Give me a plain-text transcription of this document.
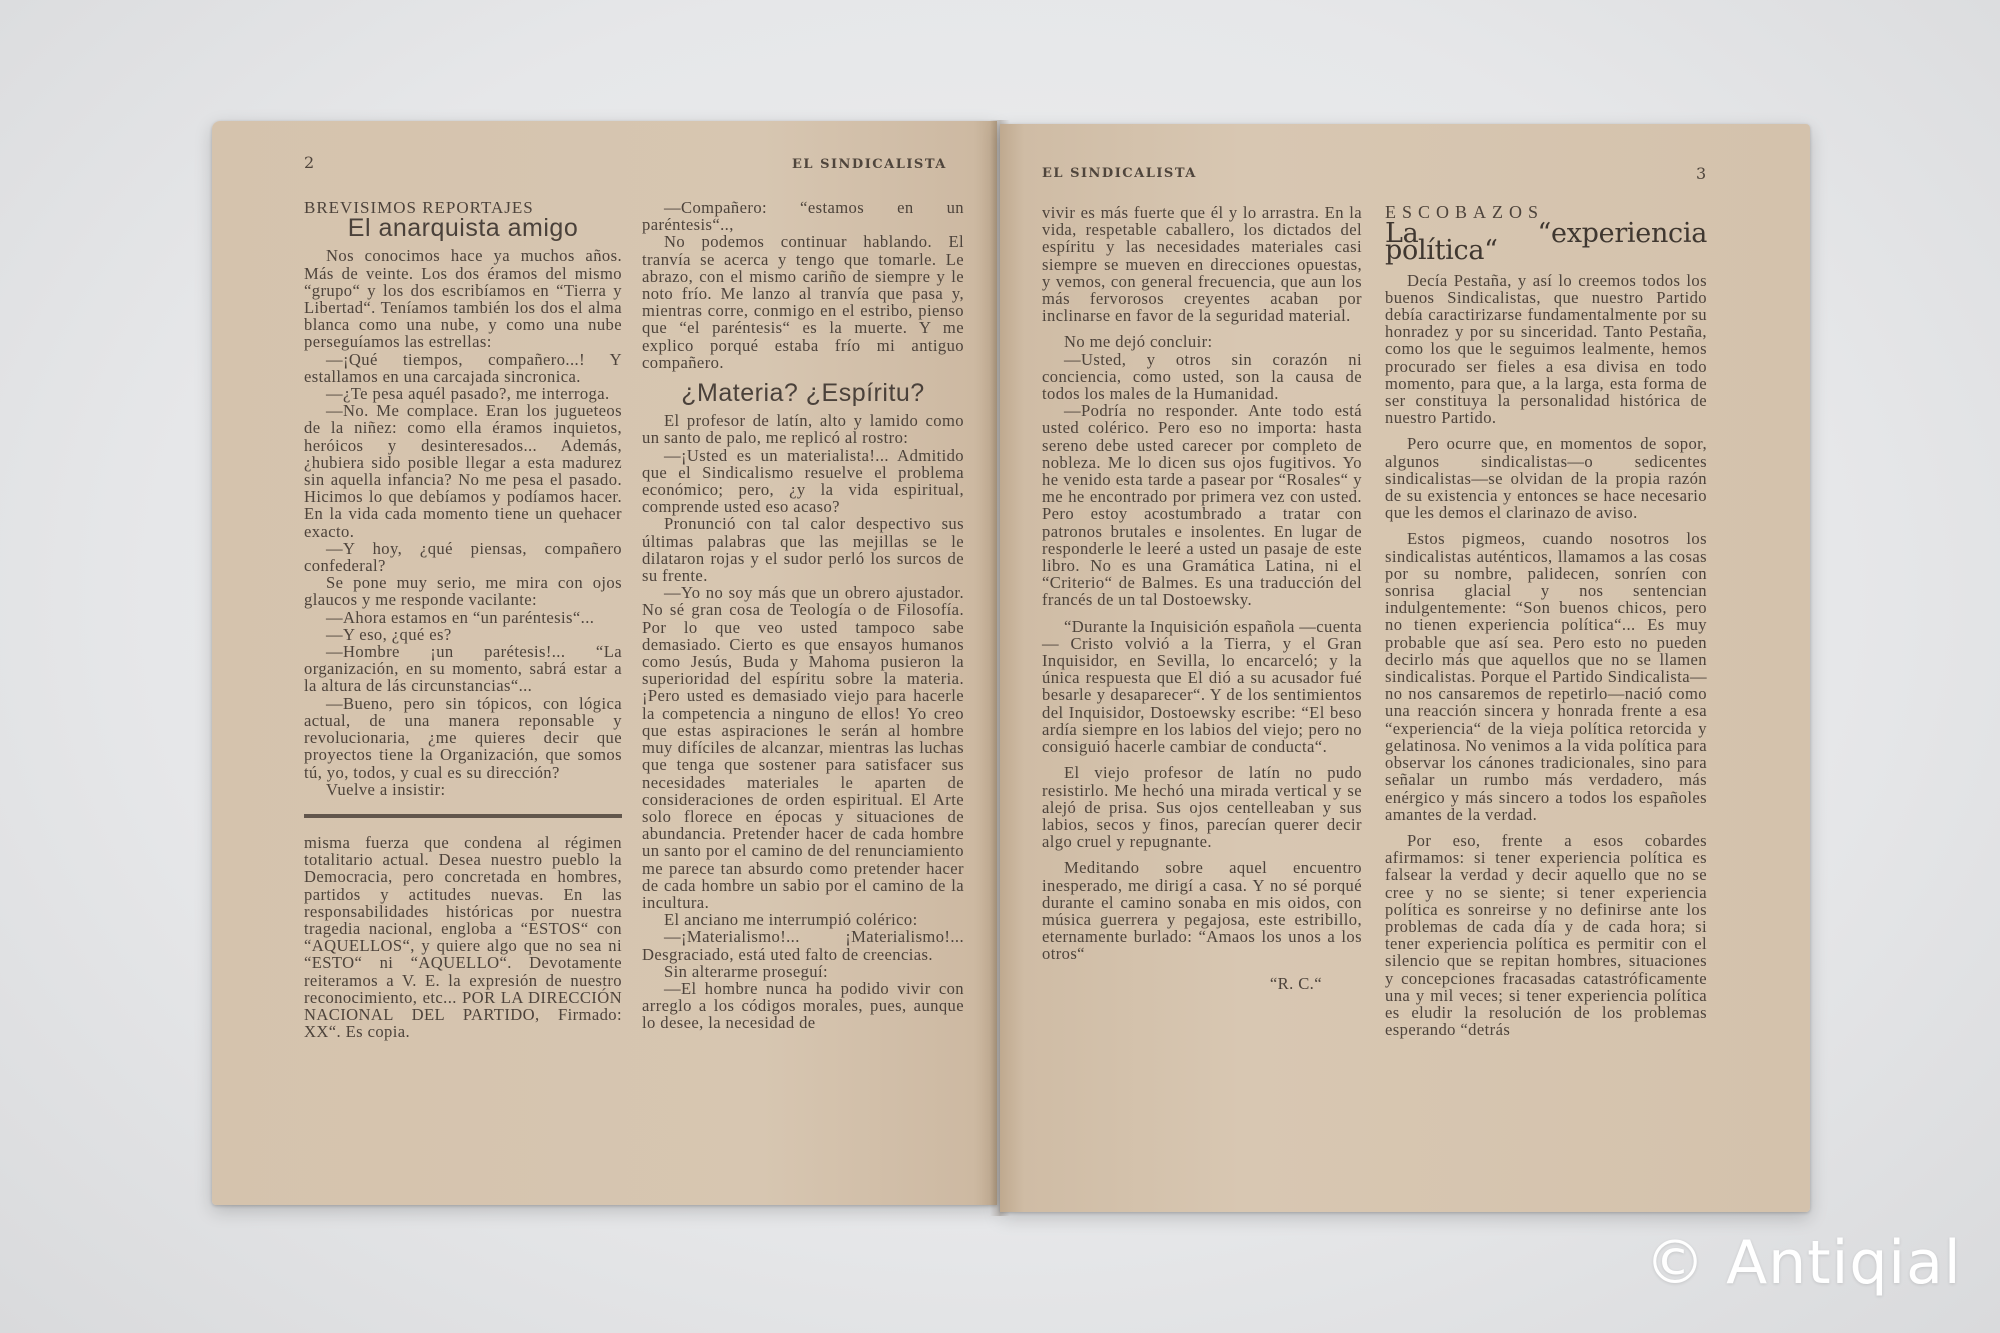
2	EL SINDICALISTA
BREVISIMOS REPORTAJES
El anarquista amigo

Nos conocimos hace ya muchos años. Más de veinte. Los dos éramos del mismo “grupo“ y los dos escribíamos en “Tierra y Libertad“. Teníamos también los dos el alma blanca como una nube, y como una nube perseguíamos las estrellas:

—¡Qué tiempos, compañero...! Y estallamos en una carcajada sincronica.

—¿Te pesa aquél pasado?, me interroga.

—No. Me complace. Eran los jugueteos de la niñez: como ella éramos inquietos, heróicos y desinteresados... Además, ¿hubiera sido posible llegar a esta madurez sin aquella infancia? No me pesa el pasado. Hicimos lo que debíamos y podíamos hacer. En la vida cada momento tiene un quehacer exacto.

—Y hoy, ¿qué piensas, compañero confederal?

Se pone muy serio, me mira con ojos glaucos y me responde vacilante:

—Ahora estamos en “un paréntesis“...

—Y eso, ¿qué es?

—Hombre ¡un parétesis!... “La organización, en su momento, sabrá estar a la altura de lás circunstancias“...

—Bueno, pero sin tópicos, con lógica actual, de una manera reponsable y revolucionaria, ¿me quieres decir que proyectos tiene la Organización, que somos tú, yo, todos, y cual es su dirección?

Vuelve a insistir:

misma fuerza que condena al régimen totalitario actual. Desea nuestro pueblo la Democracia, pero concretada en hombres, partidos y actitudes nuevas. En las responsabilidades históricas por nuestra tragedia nacional, engloba a “ESTOS“ con “AQUELLOS“, y quiere algo que no sea ni “ESTO“ ni “AQUELLO“. Devotamente reiteramos a V. E. la expresión de nuestro reconocimiento, etc... POR LA DIRECCIÓN NACIONAL DEL PARTIDO, Firmado: XX“. Es copia.

—Compañero: “estamos en un paréntesis“..,

No podemos continuar hablando. El tranvía se acerca y tengo que tomarle. Le abrazo, con el mismo cariño de siempre y le noto frío. Me lanzo al tranvía que pasa y, mientras corre, conmigo en el estribo, pienso que “el paréntesis“ es la muerte. Y me explico porqué estaba frío mi antiguo compañero.

¿Materia? ¿Espíritu?

El profesor de latín, alto y lamido como un santo de palo, me replicó al rostro:

—¡Usted es un materialista!... Admitido que el Sindicalismo resuelve el problema económico; pero, ¿y la vida espiritual, comprende usted eso acaso?

Pronunció con tal calor despectivo sus últimas palabras que las mejillas se le dilataron rojas y el sudor perló los surcos de su frente.

—Yo no soy más que un obrero ajustador. No sé gran cosa de Teología o de Filosofía. Por lo que veo usted tampoco sabe demasiado. Cierto es que ensayos humanos como Jesús, Buda y Mahoma pusieron la superioridad del espíritu sobre la materia. ¡Pero usted es demasiado viejo para hacerle la competencia a ninguno de ellos! Yo creo que estas aspiraciones le serán al hombre muy difíciles de alcanzar, mientras las luchas que tenga que sostener para satisfacer sus necesidades materiales le aparten de consideraciones de orden espiritual. El Arte solo florece en épocas y situaciones de abundancia. Pretender hacer de cada hombre un santo por el camino de del renunciamiento me parece tan absurdo como pretender hacer de cada hombre un sabio por el camino de la incultura.

El anciano me interrumpió colérico:

—¡Materialismo!... ¡Materialismo!... Desgraciado, está uted falto de creencias.

Sin alterarme proseguí:

—El hombre nunca ha podido vivir con arreglo a los códigos morales, pues, aunque lo desee, la necesidad de

EL SINDICALISTA	3

vivir es más fuerte que él y lo arrastra. En la vida, respetable caballero, los dictados del espíritu y las necesidades materiales casi siempre se mueven en direcciones opuestas, y vemos, con general frecuencia, que aun los más fervorosos creyentes acaban por inclinarse en favor de la seguridad material.

No me dejó concluir:

—Usted, y otros sin corazón ni conciencia, como usted, son la causa de todos los males de la Humanidad.

—Podría no responder. Ante todo está usted colérico. Pero eso no importa: hasta sereno debe usted carecer por completo de nobleza. Me lo dicen sus ojos fugitivos. Yo he venido esta tarde a pasear por “Rosales“ y me he encontrado por primera vez con usted. Pero estoy acostumbrado a tratar con patronos brutales e insolentes. En lugar de responderle le leeré a usted un pasaje de este libro. No es una Gramática Latina, ni el “Criterio“ de Balmes. Es una traducción del francés de un tal Dostoewsky.

“Durante la Inquisición española —cuenta— Cristo volvió a la Tierra, y el Gran Inquisidor, en Sevilla, lo encarceló; y la única respuesta que El dió a su acusador fué besarle y desaparecer“. Y de los sentimientos del Inquisidor, Dostoewsky escribe: “El beso ardía siempre en los labios del viejo; pero no consiguió hacerle cambiar de conducta“.

El viejo profesor de latín no pudo resistirlo. Me hechó una mirada vertical y se alejó de prisa. Sus ojos centelleaban y sus labios, secos y finos, parecían querer decir algo cruel y repugnante.

Meditando sobre aquel encuentro inesperado, me dirigí a casa. Y no sé porqué durante el camino sonaba en mis oidos, con música guerrera y pegajosa, este estribillo, eternamente burlado: “Amaos los unos a los otros“

“R. C.“
ESCOBAZOS
La “experiencia política“

Decía Pestaña, y así lo creemos todos los buenos Sindicalistas, que nuestro Partido debía caractirizarse fundamentalmente por su honradez y por su sinceridad. Tanto Pestaña, como los que le seguimos lealmente, hemos procurado ser fieles a esa divisa en todo momento, para que, a la larga, esta forma de ser constituya la personalidad histórica de nuestro Partido.

Pero ocurre que, en momentos de sopor, algunos sindicalistas—o sedicentes sindicalistas—se olvidan de la propia razón de su existencia y entonces se hace necesario que les demos el clarinazo de aviso.

Estos pigmeos, cuando nosotros los sindicalistas auténticos, llamamos a las cosas por su nombre, palidecen, sonríen con sonrisa glacial y nos sentencian indulgentemente: “Son buenos chicos, pero no tienen experiencia política“... Es muy probable que así sea. Pero esto no pueden decirlo más que aquellos que no se llamen sindicalistas. Porque el Partido Sindicalista—no nos cansaremos de repetirlo—nació como una reacción sincera y honrada frente a esa “experiencia“ de la vieja política retorcida y gelatinosa. No venimos a la vida política para observar los cánones tradicionales, sino para señalar un rumbo más verdadero, más enérgico y más sincero a todos los españoles amantes de la verdad.

Por eso, frente a esos cobardes afirmamos: si tener experiencia política es falsear la verdad y decir aquello que no se cree y no se siente; si tener experiencia política es sonreirse y no definirse ante los problemas de cada día y de cada hora; si tener experiencia política es permitir con el silencio que se repitan hombres, situaciones y concepciones fracasadas catastróficamente una y mil veces; si tener experiencia política es eludir la resolución de los problemas esperando “detrás

© Antiqial
